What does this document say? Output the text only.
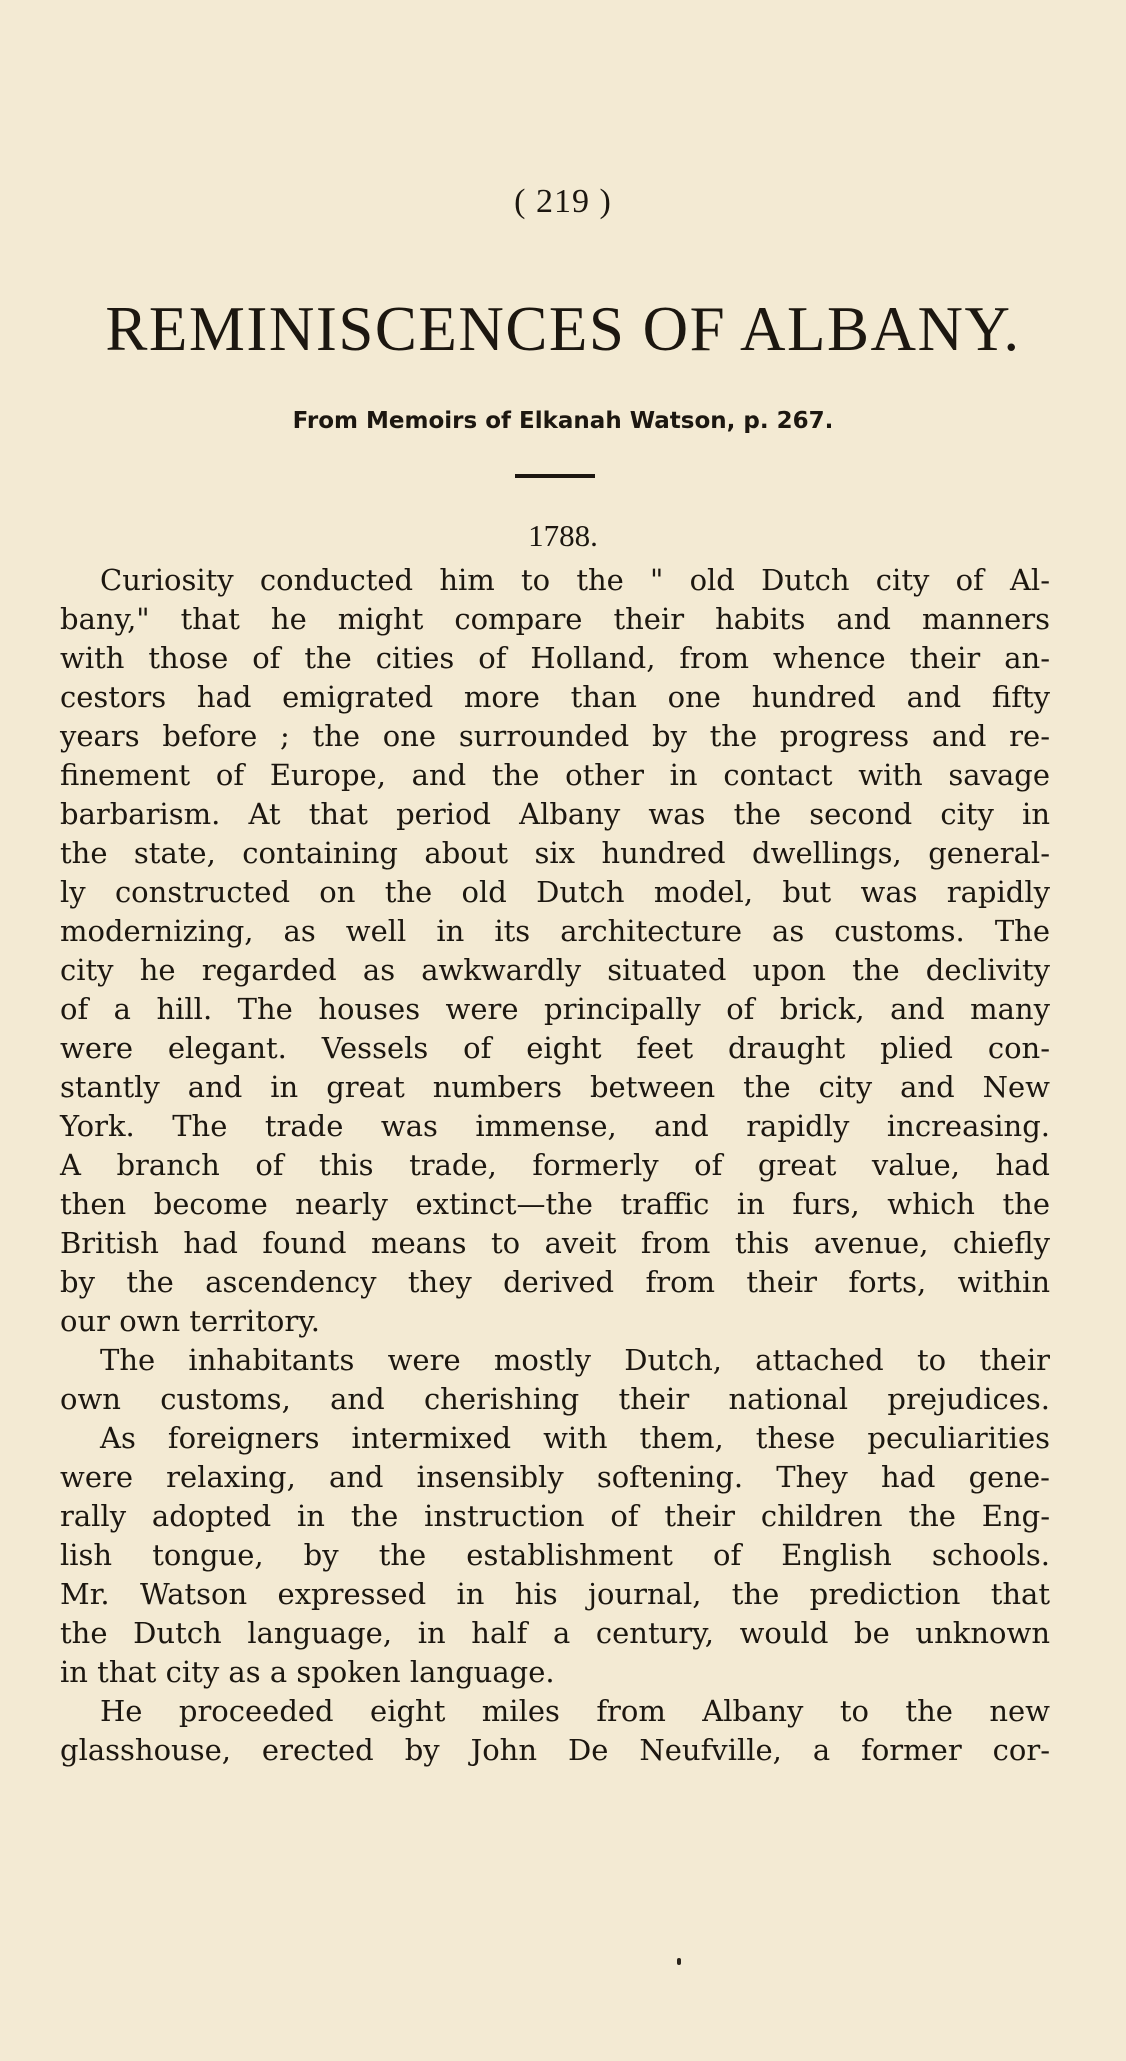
( 219 )
REMINISCENCES OF ALBANY.
From Memoirs of Elkanah Watson, p. 267.
1788.
Curiosity conducted him to the " old Dutch city of Al-
bany," that he might compare their habits and manners
with those of the cities of Holland, from whence their an-
cestors had emigrated more than one hundred and fifty
years before ; the one surrounded by the progress and re-
finement of Europe, and the other in contact with savage
barbarism. At that period Albany was the second city in
the state, containing about six hundred dwellings, general-
ly constructed on the old Dutch model, but was rapidly
modernizing, as well in its architecture as customs. The
city he regarded as awkwardly situated upon the declivity
of a hill. The houses were principally of brick, and many
were elegant. Vessels of eight feet draught plied con-
stantly and in great numbers between the city and New
York. The trade was immense, and rapidly increasing.
A branch of this trade, formerly of great value, had
then become nearly extinct—the traffic in furs, which the
British had found means to aveit from this avenue, chiefly
by the ascendency they derived from their forts, within
our own territory.
The inhabitants were mostly Dutch, attached to their
own customs, and cherishing their national prejudices.
As foreigners intermixed with them, these peculiarities
were relaxing, and insensibly softening. They had gene-
rally adopted in the instruction of their children the Eng-
lish tongue, by the establishment of English schools.
Mr. Watson expressed in his journal, the prediction that
the Dutch language, in half a century, would be unknown
in that city as a spoken language.
He proceeded eight miles from Albany to the new
glasshouse, erected by John De Neufville, a former cor-
